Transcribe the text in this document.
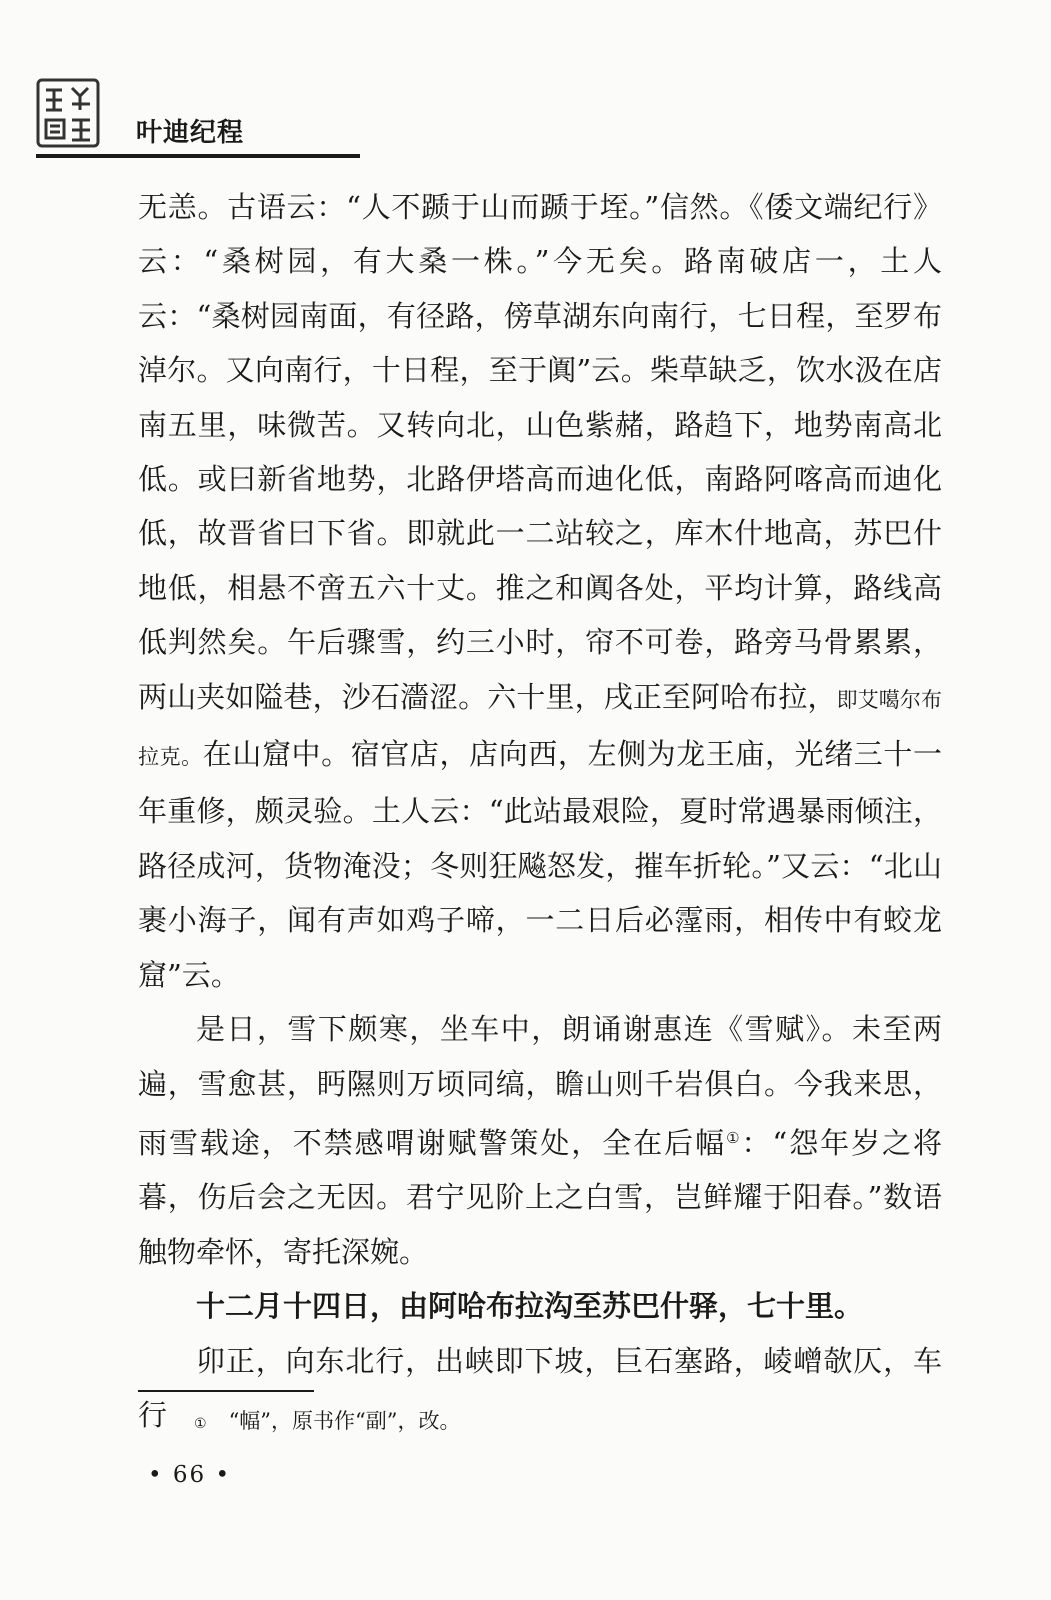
叶迪纪程

无恙。古语云：“人不踬于山而踬于垤。”信然。《倭文端纪行》云：“桑树园，有大桑一株。”今无矣。路南破店一，土人云：“桑树园南面，有径路，傍草湖东向南行，七日程，至罗布淖尔。又向南行，十日程，至于阗”云。柴草缺乏，饮水汲在店南五里，味微苦。又转向北，山色紫赭，路趋下，地势南高北低。或曰新省地势，北路伊塔高而迪化低，南路阿喀高而迪化低，故晋省曰下省。即就此一二站较之，库木什地高，苏巴什地低，相悬不啻五六十丈。推之和阗各处，平均计算，路线高低判然矣。午后骤雪，约三小时，帘不可卷，路旁马骨累累，两山夹如隘巷，沙石濇涩。六十里，戌正至阿哈布拉，即艾噶尔布拉克。在山窟中。宿官店，店向西，左侧为龙王庙，光绪三十一年重修，颇灵验。土人云：“此站最艰险，夏时常遇暴雨倾注，路径成河，货物淹没；冬则狂飚怒发，摧车折轮。”又云：“北山裹小海子，闻有声如鸡子啼，一二日后必霪雨，相传中有蛟龙窟”云。

是日，雪下颇寒，坐车中，朗诵谢惠连《雪赋》。未至两遍，雪愈甚，眄隰则万顷同缟，瞻山则千岩俱白。今我来思，雨雪载途，不禁感喟谢赋警策处，全在后幅①：“怨年岁之将暮，伤后会之无因。君宁见阶上之白雪，岂鲜耀于阳春。”数语触物牵怀，寄托深婉。

十二月十四日，由阿哈布拉沟至苏巴什驿，七十里。

卯正，向东北行，出峡即下坡，巨石塞路，崚嶒欹仄，车行	① “幅”，原书作“副”，改。
• 66 •
